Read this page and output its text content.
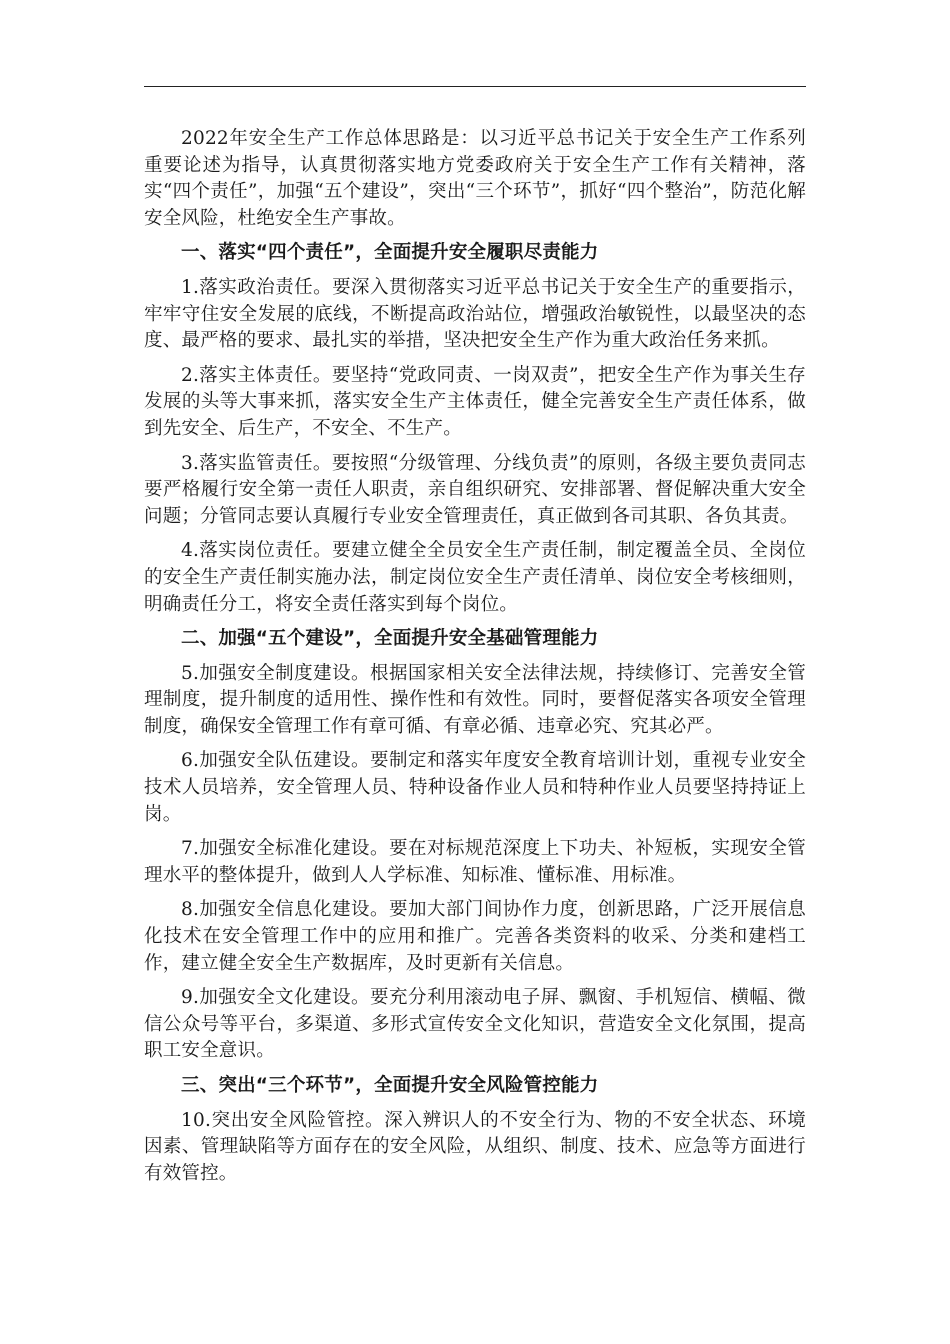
2022年安全生产工作总体思路是：以习近平总书记关于安全生产工作系列重要论述为指导，认真贯彻落实地方党委政府关于安全生产工作有关精神，落实“四个责任”，加强“五个建设”，突出“三个环节”，抓好“四个整治”，防范化解安全风险，杜绝安全生产事故。

一、落实“四个责任”，全面提升安全履职尽责能力

1.落实政治责任。要深入贯彻落实习近平总书记关于安全生产的重要指示，牢牢守住安全发展的底线，不断提高政治站位，增强政治敏锐性，以最坚决的态度、最严格的要求、最扎实的举措，坚决把安全生产作为重大政治任务来抓。

2.落实主体责任。要坚持“党政同责、一岗双责”，把安全生产作为事关生存发展的头等大事来抓，落实安全生产主体责任，健全完善安全生产责任体系，做到先安全、后生产，不安全、不生产。

3.落实监管责任。要按照“分级管理、分线负责”的原则，各级主要负责同志要严格履行安全第一责任人职责，亲自组织研究、安排部署、督促解决重大安全问题；分管同志要认真履行专业安全管理责任，真正做到各司其职、各负其责。

4.落实岗位责任。要建立健全全员安全生产责任制，制定覆盖全员、全岗位的安全生产责任制实施办法，制定岗位安全生产责任清单、岗位安全考核细则，明确责任分工，将安全责任落实到每个岗位。

二、加强“五个建设”，全面提升安全基础管理能力

5.加强安全制度建设。根据国家相关安全法律法规，持续修订、完善安全管理制度，提升制度的适用性、操作性和有效性。同时，要督促落实各项安全管理制度，确保安全管理工作有章可循、有章必循、违章必究、究其必严。

6.加强安全队伍建设。要制定和落实年度安全教育培训计划，重视专业安全技术人员培养，安全管理人员、特种设备作业人员和特种作业人员要坚持持证上岗。

7.加强安全标准化建设。要在对标规范深度上下功夫、补短板，实现安全管理水平的整体提升，做到人人学标准、知标准、懂标准、用标准。

8.加强安全信息化建设。要加大部门间协作力度，创新思路，广泛开展信息化技术在安全管理工作中的应用和推广。完善各类资料的收采、分类和建档工作，建立健全安全生产数据库，及时更新有关信息。

9.加强安全文化建设。要充分利用滚动电子屏、飘窗、手机短信、横幅、微信公众号等平台，多渠道、多形式宣传安全文化知识，营造安全文化氛围，提高职工安全意识。

三、突出“三个环节”，全面提升安全风险管控能力

10.突出安全风险管控。深入辨识人的不安全行为、物的不安全状态、环境因素、管理缺陷等方面存在的安全风险，从组织、制度、技术、应急等方面进行有效管控。
